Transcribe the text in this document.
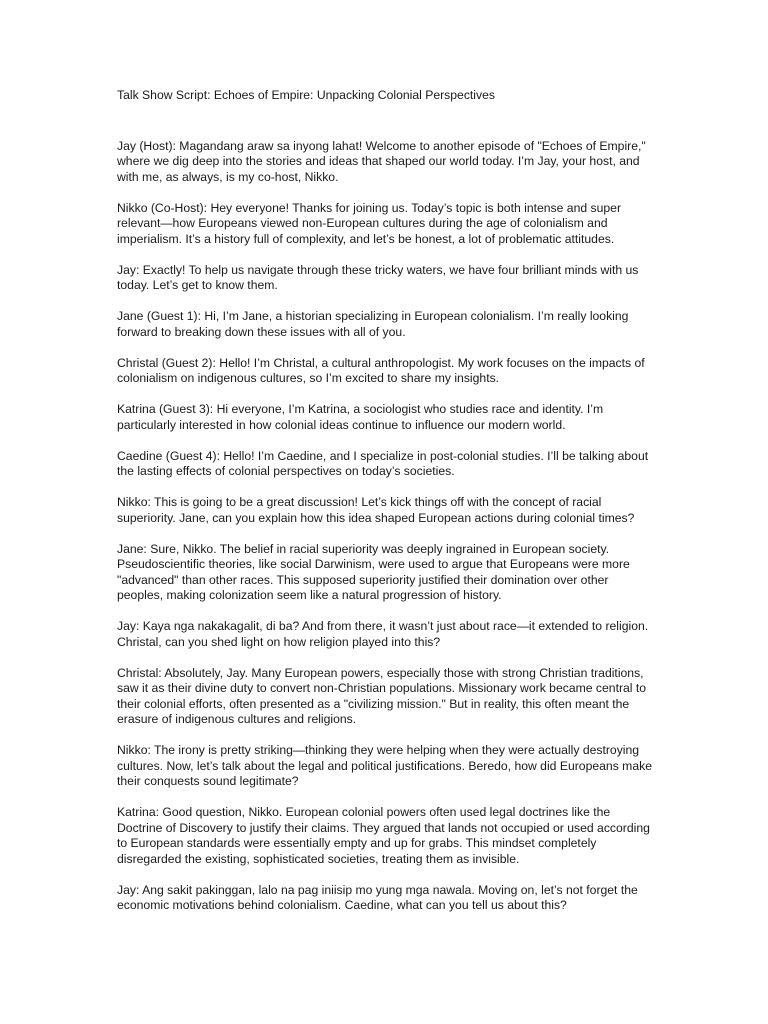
Talk Show Script: Echoes of Empire: Unpacking Colonial Perspectives

Jay (Host): Magandang araw sa inyong lahat! Welcome to another episode of "Echoes of Empire," where we dig deep into the stories and ideas that shaped our world today. I’m Jay, your host, and with me, as always, is my co-host, Nikko.

Nikko (Co-Host): Hey everyone! Thanks for joining us. Today’s topic is both intense and super relevant—how Europeans viewed non-European cultures during the age of colonialism and imperialism. It’s a history full of complexity, and let’s be honest, a lot of problematic attitudes.

Jay: Exactly! To help us navigate through these tricky waters, we have four brilliant minds with us today. Let’s get to know them.

Jane (Guest 1): Hi, I’m Jane, a historian specializing in European colonialism. I’m really looking forward to breaking down these issues with all of you.

Christal (Guest 2): Hello! I’m Christal, a cultural anthropologist. My work focuses on the impacts of colonialism on indigenous cultures, so I’m excited to share my insights.

Katrina (Guest 3): Hi everyone, I’m Katrina, a sociologist who studies race and identity. I’m particularly interested in how colonial ideas continue to influence our modern world.

Caedine (Guest 4): Hello! I’m Caedine, and I specialize in post-colonial studies. I’ll be talking about the lasting effects of colonial perspectives on today’s societies.

Nikko: This is going to be a great discussion! Let’s kick things off with the concept of racial superiority. Jane, can you explain how this idea shaped European actions during colonial times?

Jane: Sure, Nikko. The belief in racial superiority was deeply ingrained in European society. Pseudoscientific theories, like social Darwinism, were used to argue that Europeans were more "advanced" than other races. This supposed superiority justified their domination over other peoples, making colonization seem like a natural progression of history.

Jay: Kaya nga nakakagalit, di ba? And from there, it wasn’t just about race—it extended to religion. Christal, can you shed light on how religion played into this?

Christal: Absolutely, Jay. Many European powers, especially those with strong Christian traditions, saw it as their divine duty to convert non-Christian populations. Missionary work became central to their colonial efforts, often presented as a "civilizing mission." But in reality, this often meant the erasure of indigenous cultures and religions.

Nikko: The irony is pretty striking—thinking they were helping when they were actually destroying cultures. Now, let’s talk about the legal and political justifications. Beredo, how did Europeans make their conquests sound legitimate?

Katrina: Good question, Nikko. European colonial powers often used legal doctrines like the Doctrine of Discovery to justify their claims. They argued that lands not occupied or used according to European standards were essentially empty and up for grabs. This mindset completely disregarded the existing, sophisticated societies, treating them as invisible.

Jay: Ang sakit pakinggan, lalo na pag iniisip mo yung mga nawala. Moving on, let’s not forget the economic motivations behind colonialism. Caedine, what can you tell us about this?
